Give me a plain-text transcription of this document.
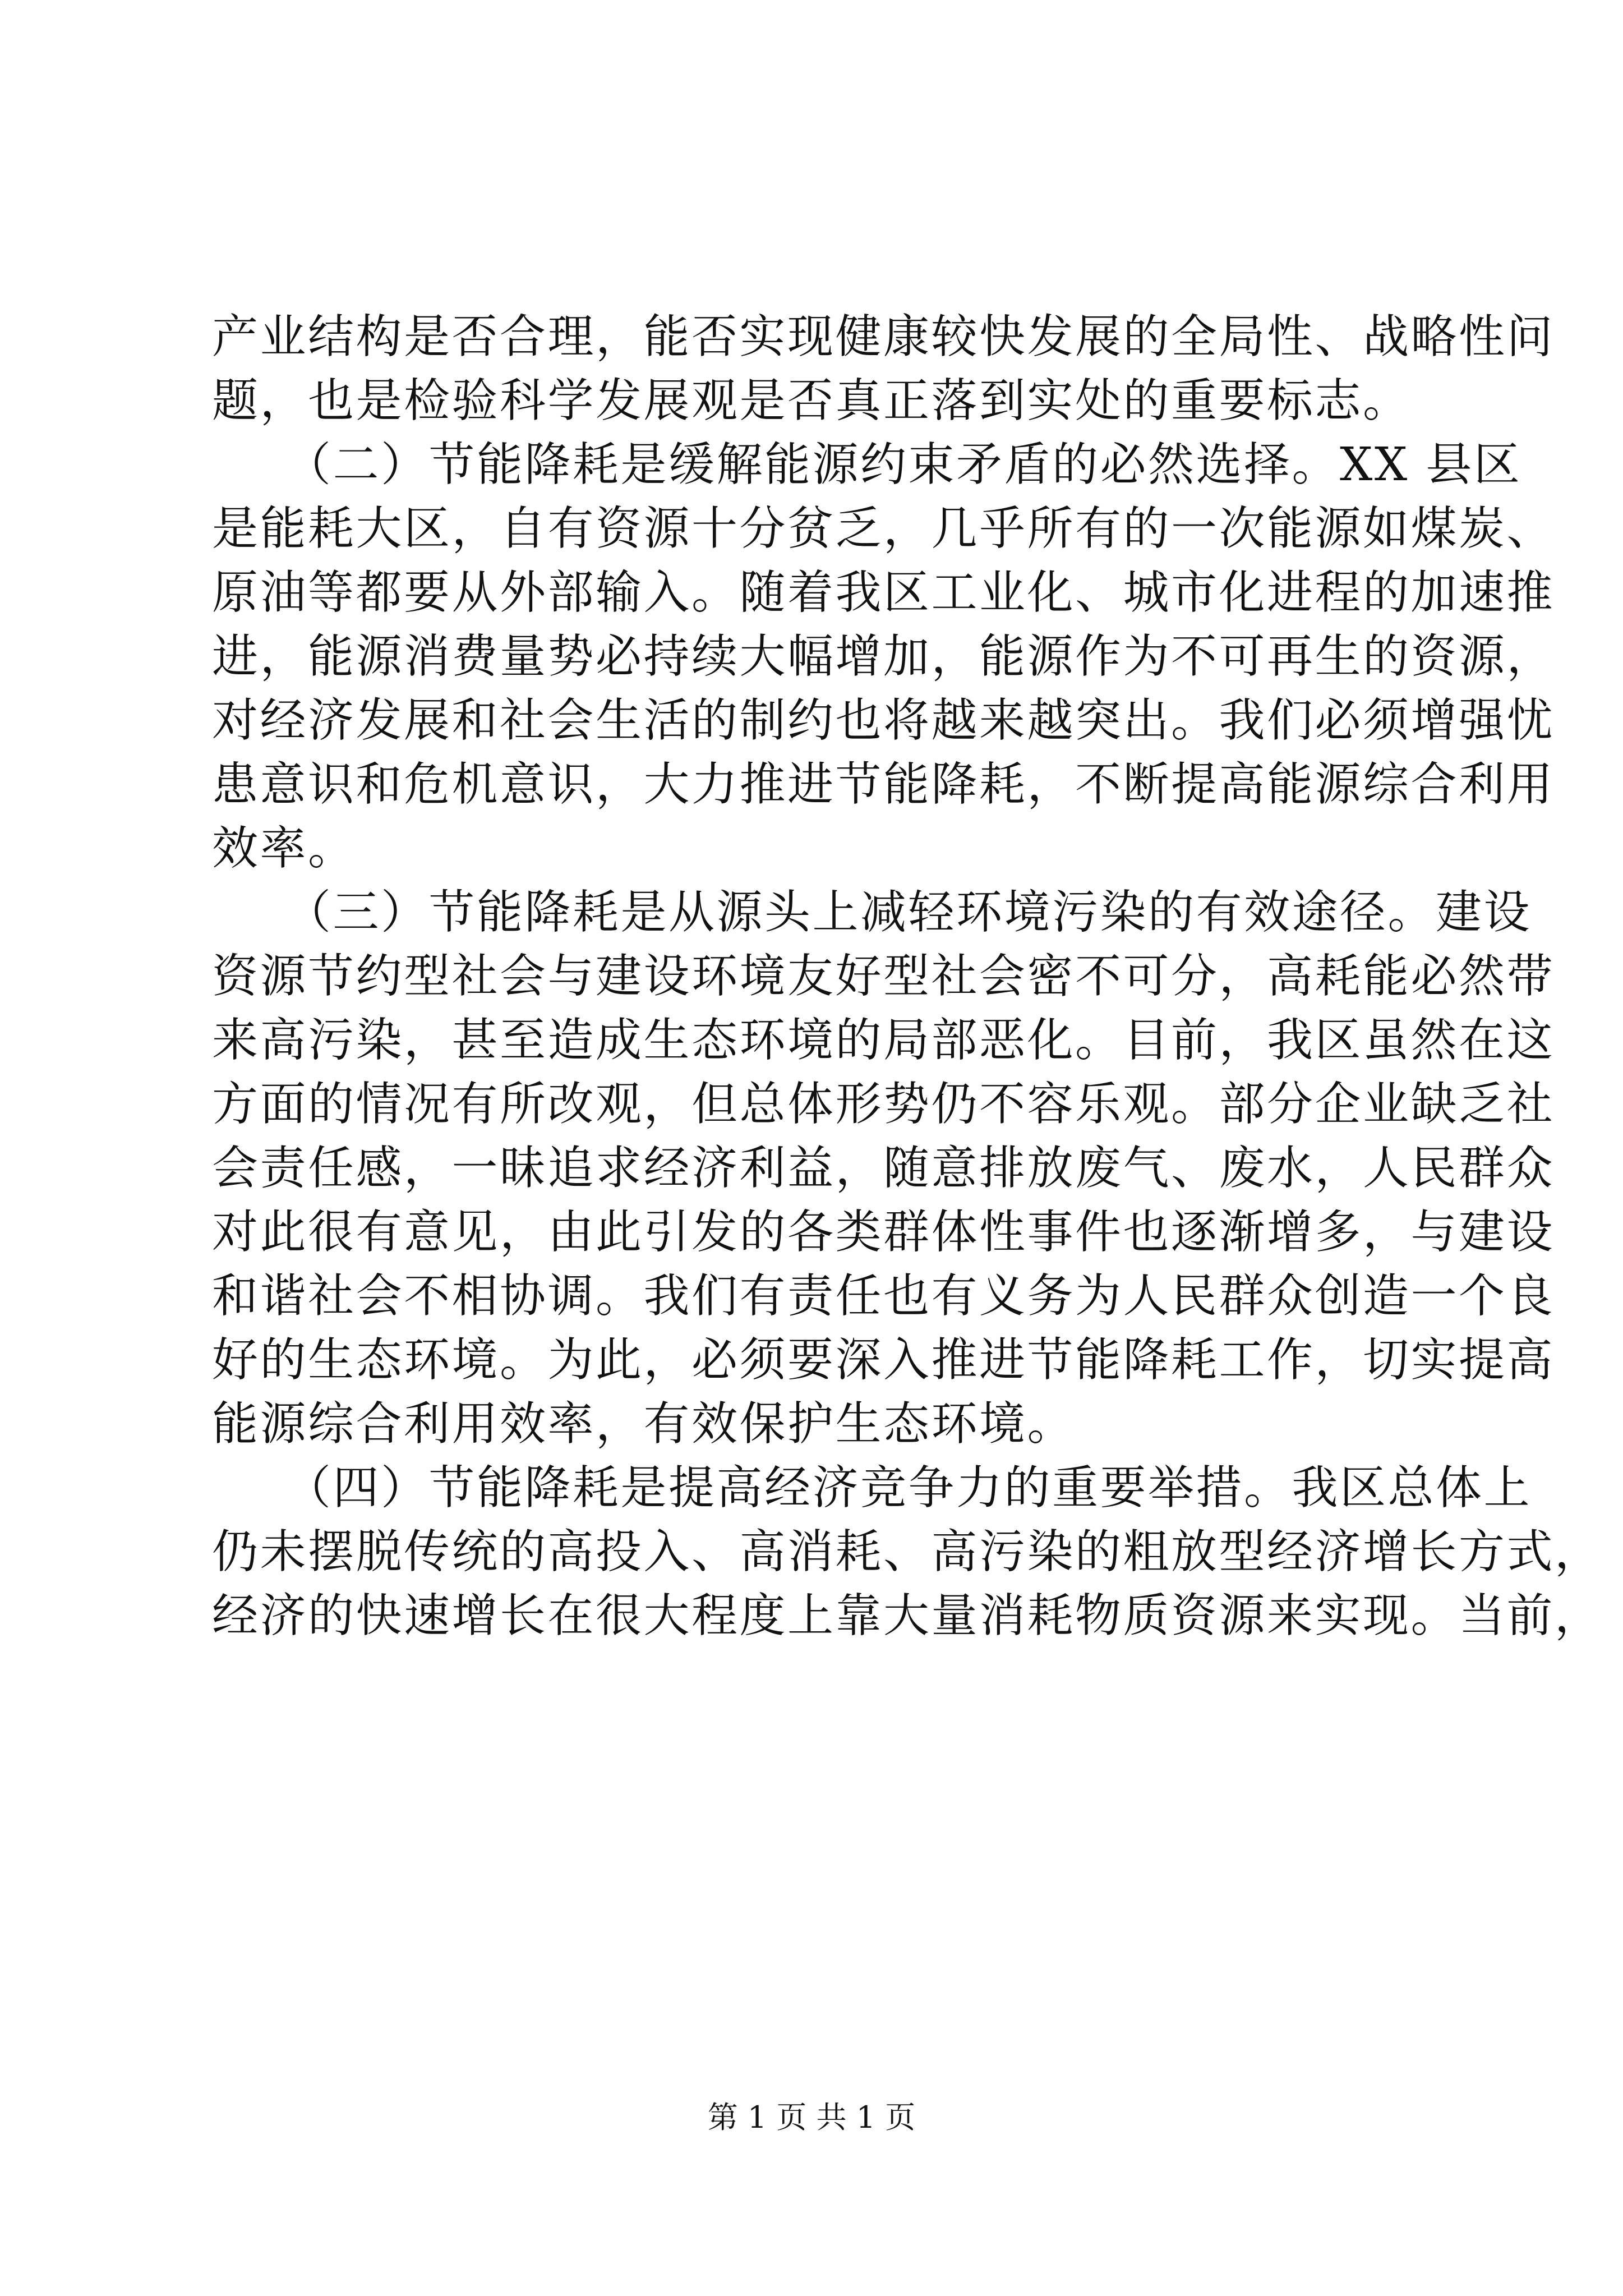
产业结构是否合理，能否实现健康较快发展的全局性、战略性问
题，也是检验科学发展观是否真正落到实处的重要标志。
　　（二）节能降耗是缓解能源约束矛盾的必然选择。XX 县区
是能耗大区，自有资源十分贫乏，几乎所有的一次能源如煤炭、
原油等都要从外部输入。随着我区工业化、城市化进程的加速推
进，能源消费量势必持续大幅增加，能源作为不可再生的资源，
对经济发展和社会生活的制约也将越来越突出。我们必须增强忧
患意识和危机意识，大力推进节能降耗，不断提高能源综合利用
效率。
　　（三）节能降耗是从源头上减轻环境污染的有效途径。建设
资源节约型社会与建设环境友好型社会密不可分，高耗能必然带
来高污染，甚至造成生态环境的局部恶化。目前，我区虽然在这
方面的情况有所改观，但总体形势仍不容乐观。部分企业缺乏社
会责任感，一昧追求经济利益，随意排放废气、废水，人民群众
对此很有意见，由此引发的各类群体性事件也逐渐增多，与建设
和谐社会不相协调。我们有责任也有义务为人民群众创造一个良
好的生态环境。为此，必须要深入推进节能降耗工作，切实提高
能源综合利用效率，有效保护生态环境。
　　（四）节能降耗是提高经济竞争力的重要举措。我区总体上
仍未摆脱传统的高投入、高消耗、高污染的粗放型经济增长方式，
经济的快速增长在很大程度上靠大量消耗物质资源来实现。当前，
第 1 页 共 1 页
